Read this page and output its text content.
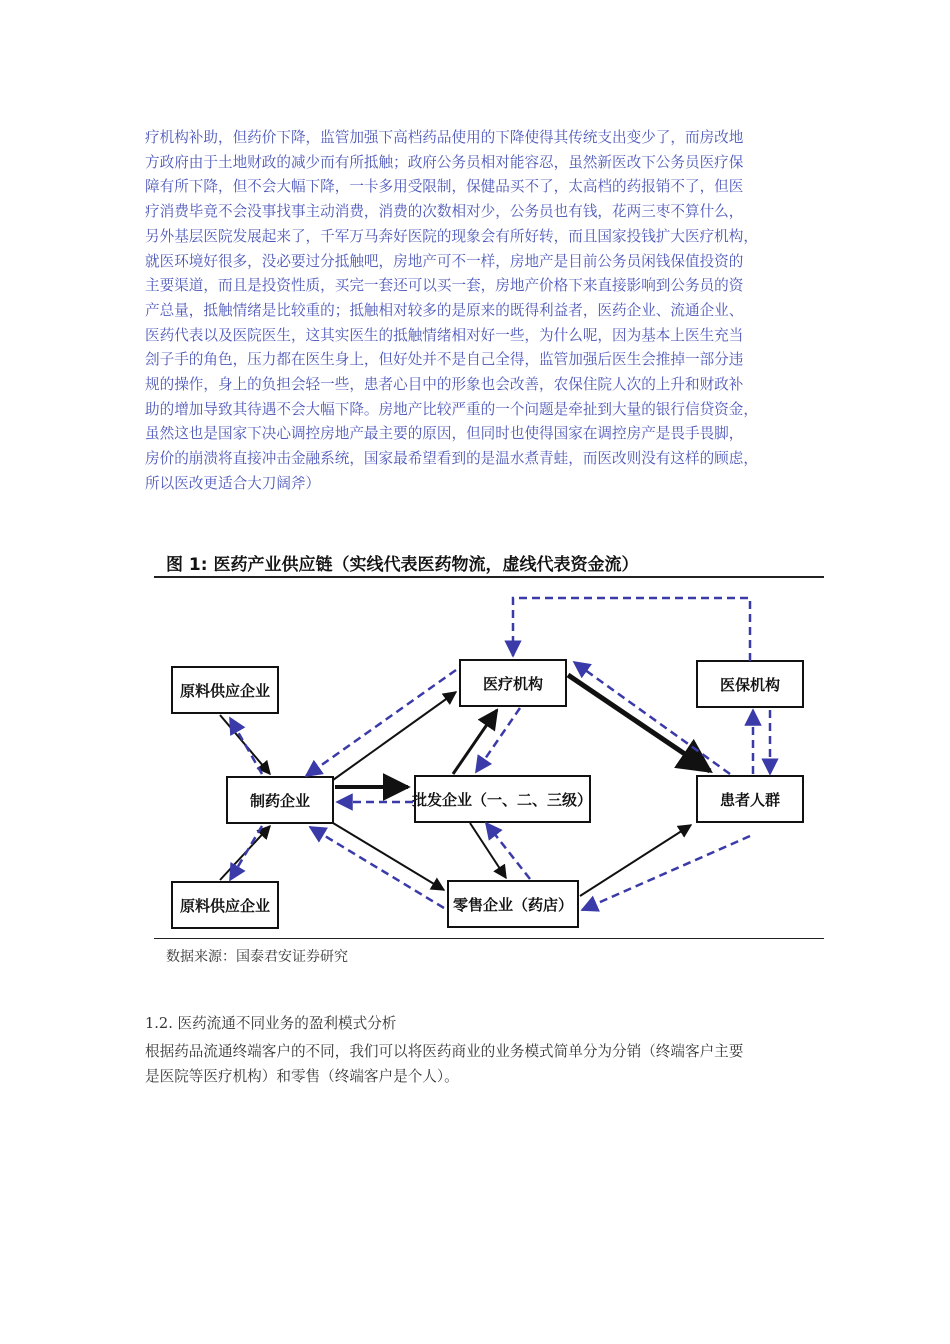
疗机构补助，但药价下降，监管加强下高档药品使用的下降使得其传统支出变少了，而房改地
方政府由于土地财政的减少而有所抵触；政府公务员相对能容忍，虽然新医改下公务员医疗保
障有所下降，但不会大幅下降，一卡多用受限制，保健品买不了，太高档的药报销不了，但医
疗消费毕竟不会没事找事主动消费，消费的次数相对少，公务员也有钱，花两三枣不算什么，
另外基层医院发展起来了，千军万马奔好医院的现象会有所好转，而且国家投钱扩大医疗机构，
就医环境好很多，没必要过分抵触吧，房地产可不一样，房地产是目前公务员闲钱保值投资的
主要渠道，而且是投资性质，买完一套还可以买一套，房地产价格下来直接影响到公务员的资
产总量，抵触情绪是比较重的；抵触相对较多的是原来的既得利益者，医药企业、流通企业、
医药代表以及医院医生，这其实医生的抵触情绪相对好一些，为什么呢，因为基本上医生充当
刽子手的角色，压力都在医生身上，但好处并不是自己全得，监管加强后医生会推掉一部分违
规的操作，身上的负担会轻一些，患者心目中的形象也会改善，农保住院人次的上升和财政补
助的增加导致其待遇不会大幅下降。房地产比较严重的一个问题是牵扯到大量的银行信贷资金，
虽然这也是国家下决心调控房地产最主要的原因，但同时也使得国家在调控房产是畏手畏脚，
房价的崩溃将直接冲击金融系统，国家最希望看到的是温水煮青蛙，而医改则没有这样的顾虑，
所以医改更适合大刀阔斧）
图 1: 医药产业供应链（实线代表医药物流，虚线代表资金流）
原料供应企业
制药企业
原料供应企业
医疗机构
批发企业（一、二、三级）
零售企业（药店）
医保机构
患者人群
数据来源：国泰君安证券研究
1.2. 医药流通不同业务的盈利模式分析
根据药品流通终端客户的不同，我们可以将医药商业的业务模式简单分为分销（终端客户主要
是医院等医疗机构）和零售（终端客户是个人）。
